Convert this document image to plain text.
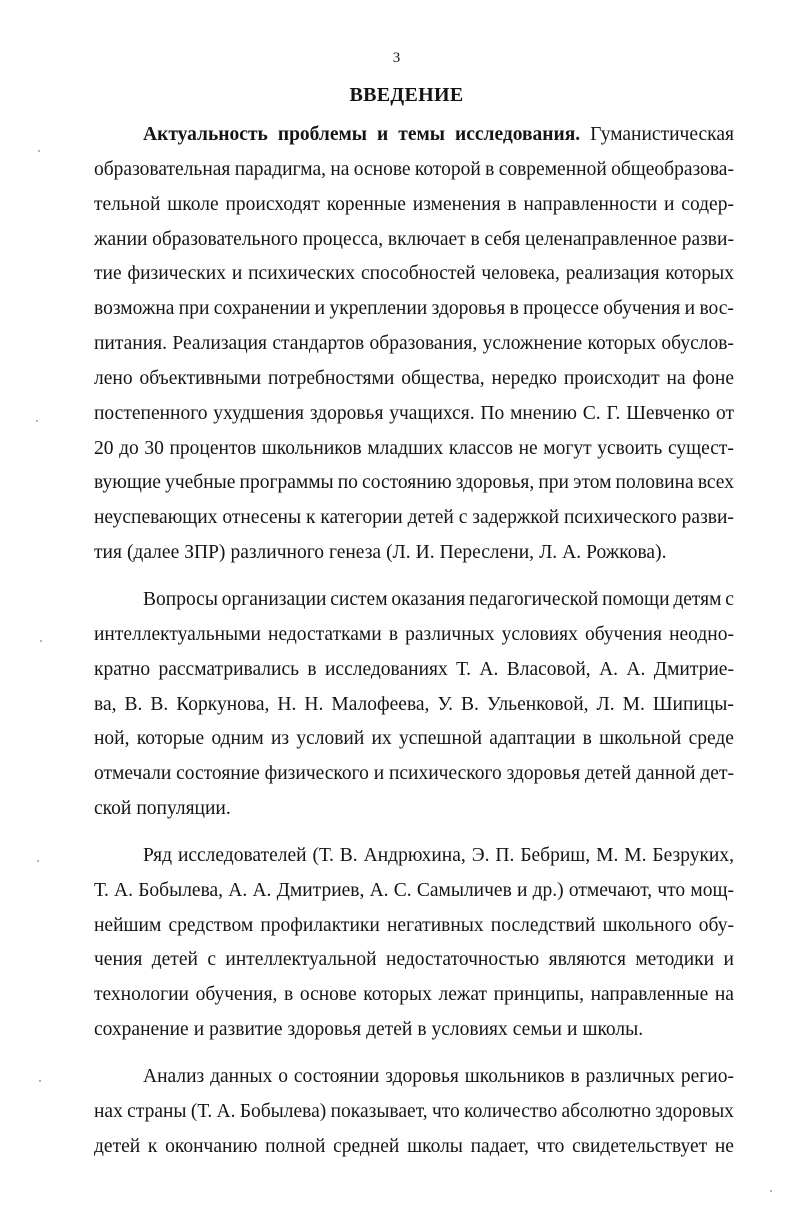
3
ВВЕДЕНИЕ
Актуальность проблемы и темы исследования. Гуманистическая
образовательная парадигма, на основе которой в современной общеобразова-
тельной школе происходят коренные изменения в направленности и содер-
жании образовательного процесса, включает в себя целенаправленное разви-
тие физических и психических способностей человека, реализация которых
возможна при сохранении и укреплении здоровья в процессе обучения и вос-
питания. Реализация стандартов образования, усложнение которых обуслов-
лено объективными потребностями общества, нередко происходит на фоне
постепенного ухудшения здоровья учащихся. По мнению С. Г. Шевченко от
20 до 30 процентов школьников младших классов не могут усвоить сущест-
вующие учебные программы по состоянию здоровья, при этом половина всех
неуспевающих отнесены к категории детей с задержкой психического разви-
тия (далее ЗПР) различного генеза (Л. И. Переслени, Л. А. Рожкова).
Вопросы организации систем оказания педагогической помощи детям с
интеллектуальными недостатками в различных условиях обучения неодно-
кратно рассматривались в исследованиях Т. А. Власовой, А. А. Дмитрие-
ва, В. В. Коркунова, Н. Н. Малофеева, У. В. Ульенковой, Л. М. Шипицы-
ной, которые одним из условий их успешной адаптации в школьной среде
отмечали состояние физического и психического здоровья детей данной дет-
ской популяции.
Ряд исследователей (Т. В. Андрюхина, Э. П. Бебриш, М. М. Безруких,
Т. А. Бобылева, А. А. Дмитриев, А. С. Самыличев и др.) отмечают, что мощ-
нейшим средством профилактики негативных последствий школьного обу-
чения детей с интеллектуальной недостаточностью являются методики и
технологии обучения, в основе которых лежат принципы, направленные на
сохранение и развитие здоровья детей в условиях семьи и школы.
Анализ данных о состоянии здоровья школьников в различных регио-
нах страны (Т. А. Бобылева) показывает, что количество абсолютно здоровых
детей к окончанию полной средней школы падает, что свидетельствует не
